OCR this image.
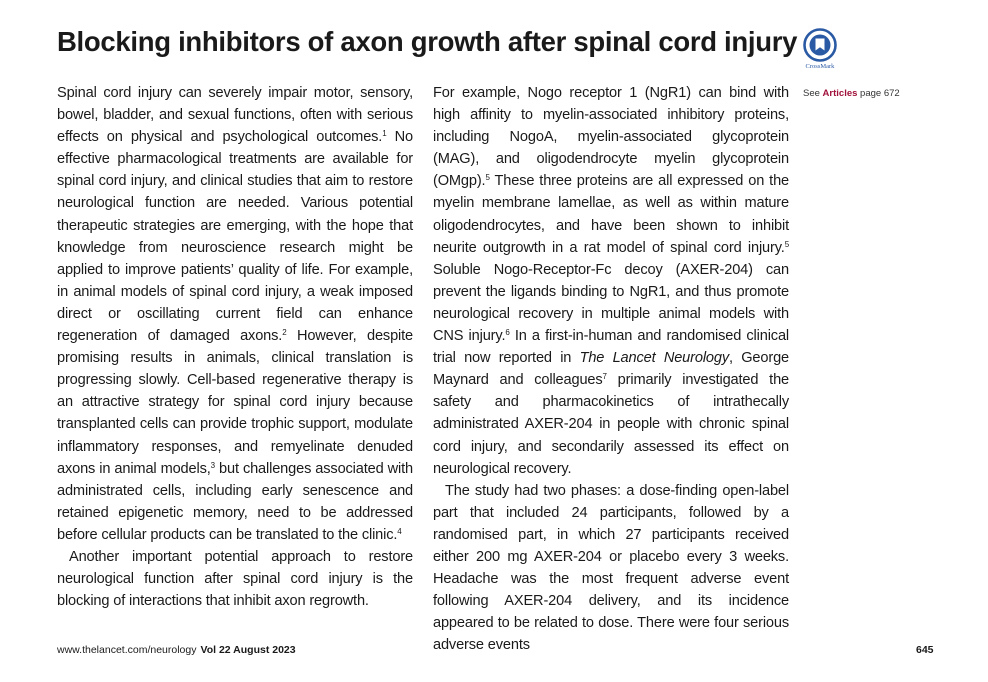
Blocking inhibitors of axon growth after spinal cord injury
CrossMark
See Articles page 672

Spinal cord injury can severely impair motor, sensory, bowel, bladder, and sexual functions, often with serious effects on physical and psychological outcomes.$^1$ No effective pharmacological treatments are available for spinal cord injury, and clinical studies that aim to restore neurological function are needed. Various potential therapeutic strategies are emerging, with the hope that knowledge from neuroscience research might be applied to improve patients’ quality of life. For example, in animal models of spinal cord injury, a weak imposed direct or oscillating current field can enhance regeneration of damaged axons.$^2$ However, despite promising results in animals, clinical translation is progressing slowly. Cell-based regenerative therapy is an attractive strategy for spinal cord injury because transplanted cells can provide trophic support, modulate inflammatory responses, and remyelinate denuded axons in animal models,$^3$ but challenges associated with administrated cells, including early senescence and retained epigenetic memory, need to be addressed before cellular products can be translated to the clinic.$^4$

Another important potential approach to restore neurological function after spinal cord injury is the blocking of interactions that inhibit axon regrowth.

For example, Nogo receptor 1 (NgR1) can bind with high affinity to myelin-associated inhibitory proteins, including NogoA, myelin-associated glycoprotein (MAG), and oligodendrocyte myelin glycoprotein (OMgp).$^5$ These three proteins are all expressed on the myelin membrane lamellae, as well as within mature oligodendrocytes, and have been shown to inhibit neurite outgrowth in a rat model of spinal cord injury.$^5$ Soluble Nogo-Receptor-Fc decoy (AXER-204) can prevent the ligands binding to NgR1, and thus promote neurological recovery in multiple animal models with CNS injury.$^6$ In a first-in-human and randomised clinical trial now reported in The Lancet Neurology, George Maynard and colleagues$^7$ primarily investigated the safety and pharmacokinetics of intrathecally administrated AXER-204 in people with chronic spinal cord injury, and secondarily assessed its effect on neurological recovery.

The study had two phases: a dose-finding open-label part that included 24 participants, followed by a randomised part, in which 27 participants received either 200 mg AXER-204 or placebo every 3 weeks. Headache was the most frequent adverse event following AXER-204 delivery, and its incidence appeared to be related to dose. There were four serious adverse events

www.thelancet.com/neurology Vol 22 August 2023	645
